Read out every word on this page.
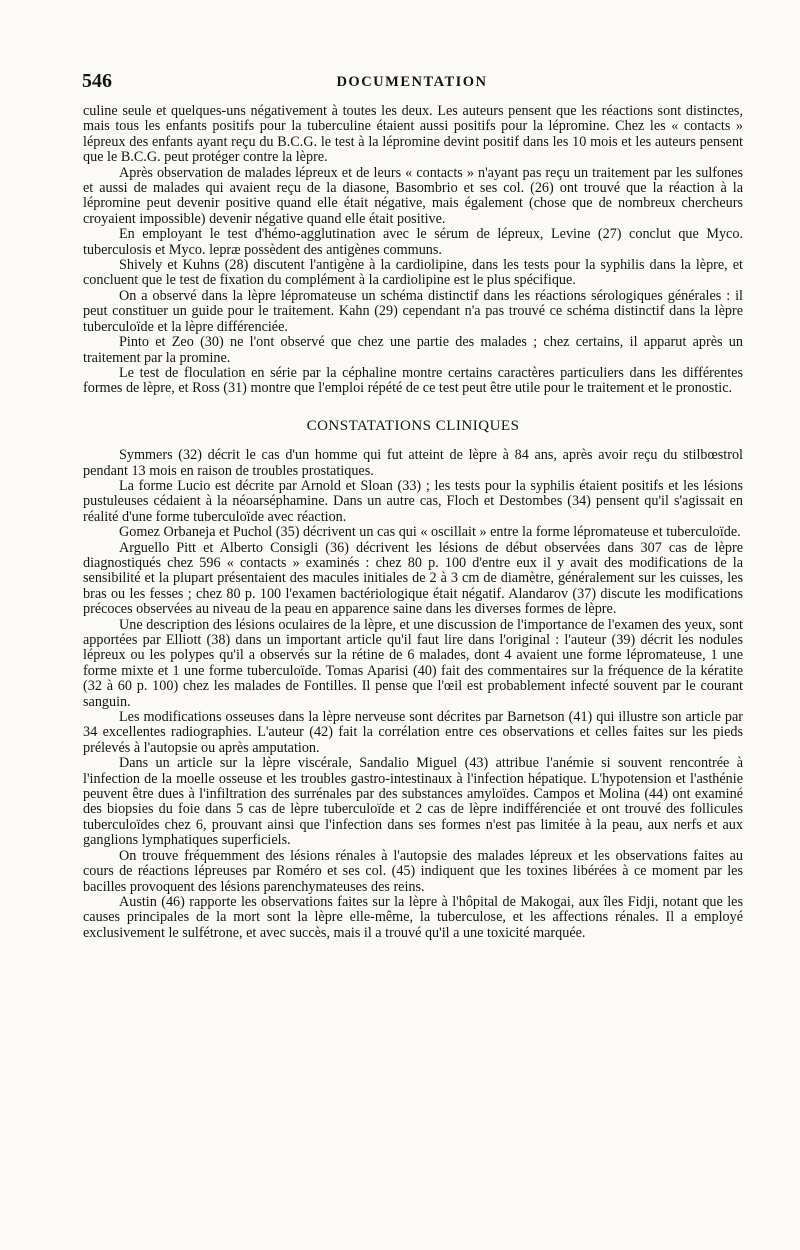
546	DOCUMENTATION

culine seule et quelques-uns négativement à toutes les deux. Les auteurs pensent que les réactions sont distinctes, mais tous les enfants positifs pour la tuberculine étaient aussi positifs pour la lépromine. Chez les « contacts » lépreux des enfants ayant reçu du B.C.G. le test à la lépromine devint positif dans les 10 mois et les auteurs pensent que le B.C.G. peut protéger contre la lèpre.

Après observation de malades lépreux et de leurs « contacts » n'ayant pas reçu un traitement par les sulfones et aussi de malades qui avaient reçu de la diasone, Basombrio et ses col. (26) ont trouvé que la réaction à la lépromine peut devenir positive quand elle était négative, mais également (chose que de nombreux chercheurs croyaient impossible) devenir négative quand elle était positive.

En employant le test d'hémo-agglutination avec le sérum de lépreux, Levine (27) conclut que Myco. tuberculosis et Myco. lepræ possèdent des antigènes communs.

Shively et Kuhns (28) discutent l'antigène à la cardiolipine, dans les tests pour la syphilis dans la lèpre, et concluent que le test de fixation du complément à la cardiolipine est le plus spécifique.

On a observé dans la lèpre lépromateuse un schéma distinctif dans les réactions sérologiques générales : il peut constituer un guide pour le traitement. Kahn (29) cependant n'a pas trouvé ce schéma distinctif dans la lèpre tuberculoïde et la lèpre différenciée.

Pinto et Zeo (30) ne l'ont observé que chez une partie des malades ; chez certains, il apparut après un traitement par la promine.

Le test de floculation en série par la céphaline montre certains caractères particuliers dans les différentes formes de lèpre, et Ross (31) montre que l'emploi répété de ce test peut être utile pour le traitement et le pronostic.

CONSTATATIONS CLINIQUES

Symmers (32) décrit le cas d'un homme qui fut atteint de lèpre à 84 ans, après avoir reçu du stilbœstrol pendant 13 mois en raison de troubles prostatiques.

La forme Lucio est décrite par Arnold et Sloan (33) ; les tests pour la syphilis étaient positifs et les lésions pustuleuses cédaient à la néoarséphamine. Dans un autre cas, Floch et Destombes (34) pensent qu'il s'agissait en réalité d'une forme tuberculoïde avec réaction.

Gomez Orbaneja et Puchol (35) décrivent un cas qui « oscillait » entre la forme lépromateuse et tuberculoïde.

Arguello Pitt et Alberto Consigli (36) décrivent les lésions de début observées dans 307 cas de lèpre diagnostiqués chez 596 « contacts » examinés : chez 80 p. 100 d'entre eux il y avait des modifications de la sensibilité et la plupart présentaient des macules initiales de 2 à 3 cm de diamètre, généralement sur les cuisses, les bras ou les fesses ; chez 80 p. 100 l'examen bactériologique était négatif. Alandarov (37) discute les modifications précoces observées au niveau de la peau en apparence saine dans les diverses formes de lèpre.

Une description des lésions oculaires de la lèpre, et une discussion de l'importance de l'examen des yeux, sont apportées par Elliott (38) dans un important article qu'il faut lire dans l'original : l'auteur (39) décrit les nodules lépreux ou les polypes qu'il a observés sur la rétine de 6 malades, dont 4 avaient une forme lépromateuse, 1 une forme mixte et 1 une forme tuberculoïde. Tomas Aparisi (40) fait des commentaires sur la fréquence de la kératite (32 à 60 p. 100) chez les malades de Fontilles. Il pense que l'œil est probablement infecté souvent par le courant sanguin.

Les modifications osseuses dans la lèpre nerveuse sont décrites par Barnetson (41) qui illustre son article par 34 excellentes radiographies. L'auteur (42) fait la corrélation entre ces observations et celles faites sur les pieds prélevés à l'autopsie ou après amputation.

Dans un article sur la lèpre viscérale, Sandalio Miguel (43) attribue l'anémie si souvent rencontrée à l'infection de la moelle osseuse et les troubles gastro-intestinaux à l'infection hépatique. L'hypotension et l'asthénie peuvent être dues à l'infiltration des surrénales par des substances amyloïdes. Campos et Molina (44) ont examiné des biopsies du foie dans 5 cas de lèpre tuberculoïde et 2 cas de lèpre indifférenciée et ont trouvé des follicules tuberculoïdes chez 6, prouvant ainsi que l'infection dans ses formes n'est pas limitée à la peau, aux nerfs et aux ganglions lymphatiques superficiels.

On trouve fréquemment des lésions rénales à l'autopsie des malades lépreux et les observations faites au cours de réactions lépreuses par Roméro et ses col. (45) indiquent que les toxines libérées à ce moment par les bacilles provoquent des lésions parenchymateuses des reins.

Austin (46) rapporte les observations faites sur la lèpre à l'hôpital de Makogai, aux îles Fidji, notant que les causes principales de la mort sont la lèpre elle-même, la tuberculose, et les affections rénales. Il a employé exclusivement le sulfétrone, et avec succès, mais il a trouvé qu'il a une toxicité marquée.
